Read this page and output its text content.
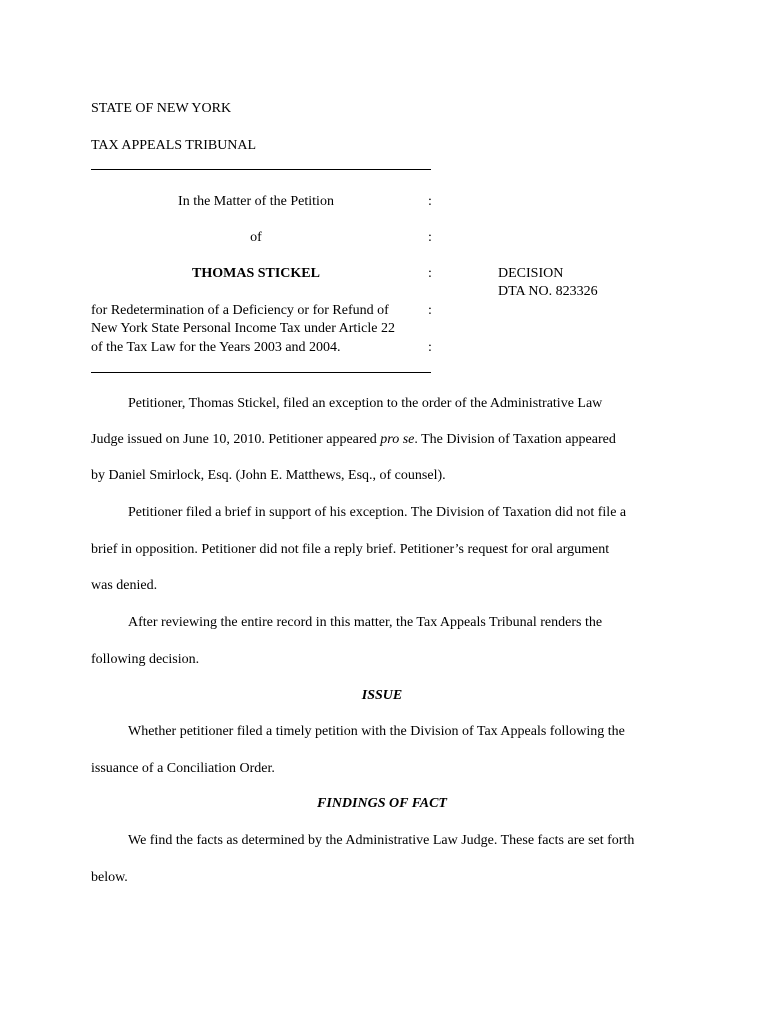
STATE OF NEW YORK
TAX APPEALS TRIBUNAL
In the Matter of the Petition	:
of	:
THOMAS STICKEL	:	DECISION
DTA NO. 823326
for Redetermination of a Deficiency or for Refund of	:
New York State Personal Income Tax under Article 22
of the Tax Law for the Years 2003 and 2004.	:
Petitioner, Thomas Stickel, filed an exception to the order of the Administrative Law
Judge issued on June 10, 2010. Petitioner appeared pro se. The Division of Taxation appeared
by Daniel Smirlock, Esq. (John E. Matthews, Esq., of counsel).
Petitioner filed a brief in support of his exception. The Division of Taxation did not file a
brief in opposition. Petitioner did not file a reply brief. Petitioner’s request for oral argument
was denied.
After reviewing the entire record in this matter, the Tax Appeals Tribunal renders the
following decision.
ISSUE
Whether petitioner filed a timely petition with the Division of Tax Appeals following the
issuance of a Conciliation Order.
FINDINGS OF FACT
We find the facts as determined by the Administrative Law Judge. These facts are set forth
below.
